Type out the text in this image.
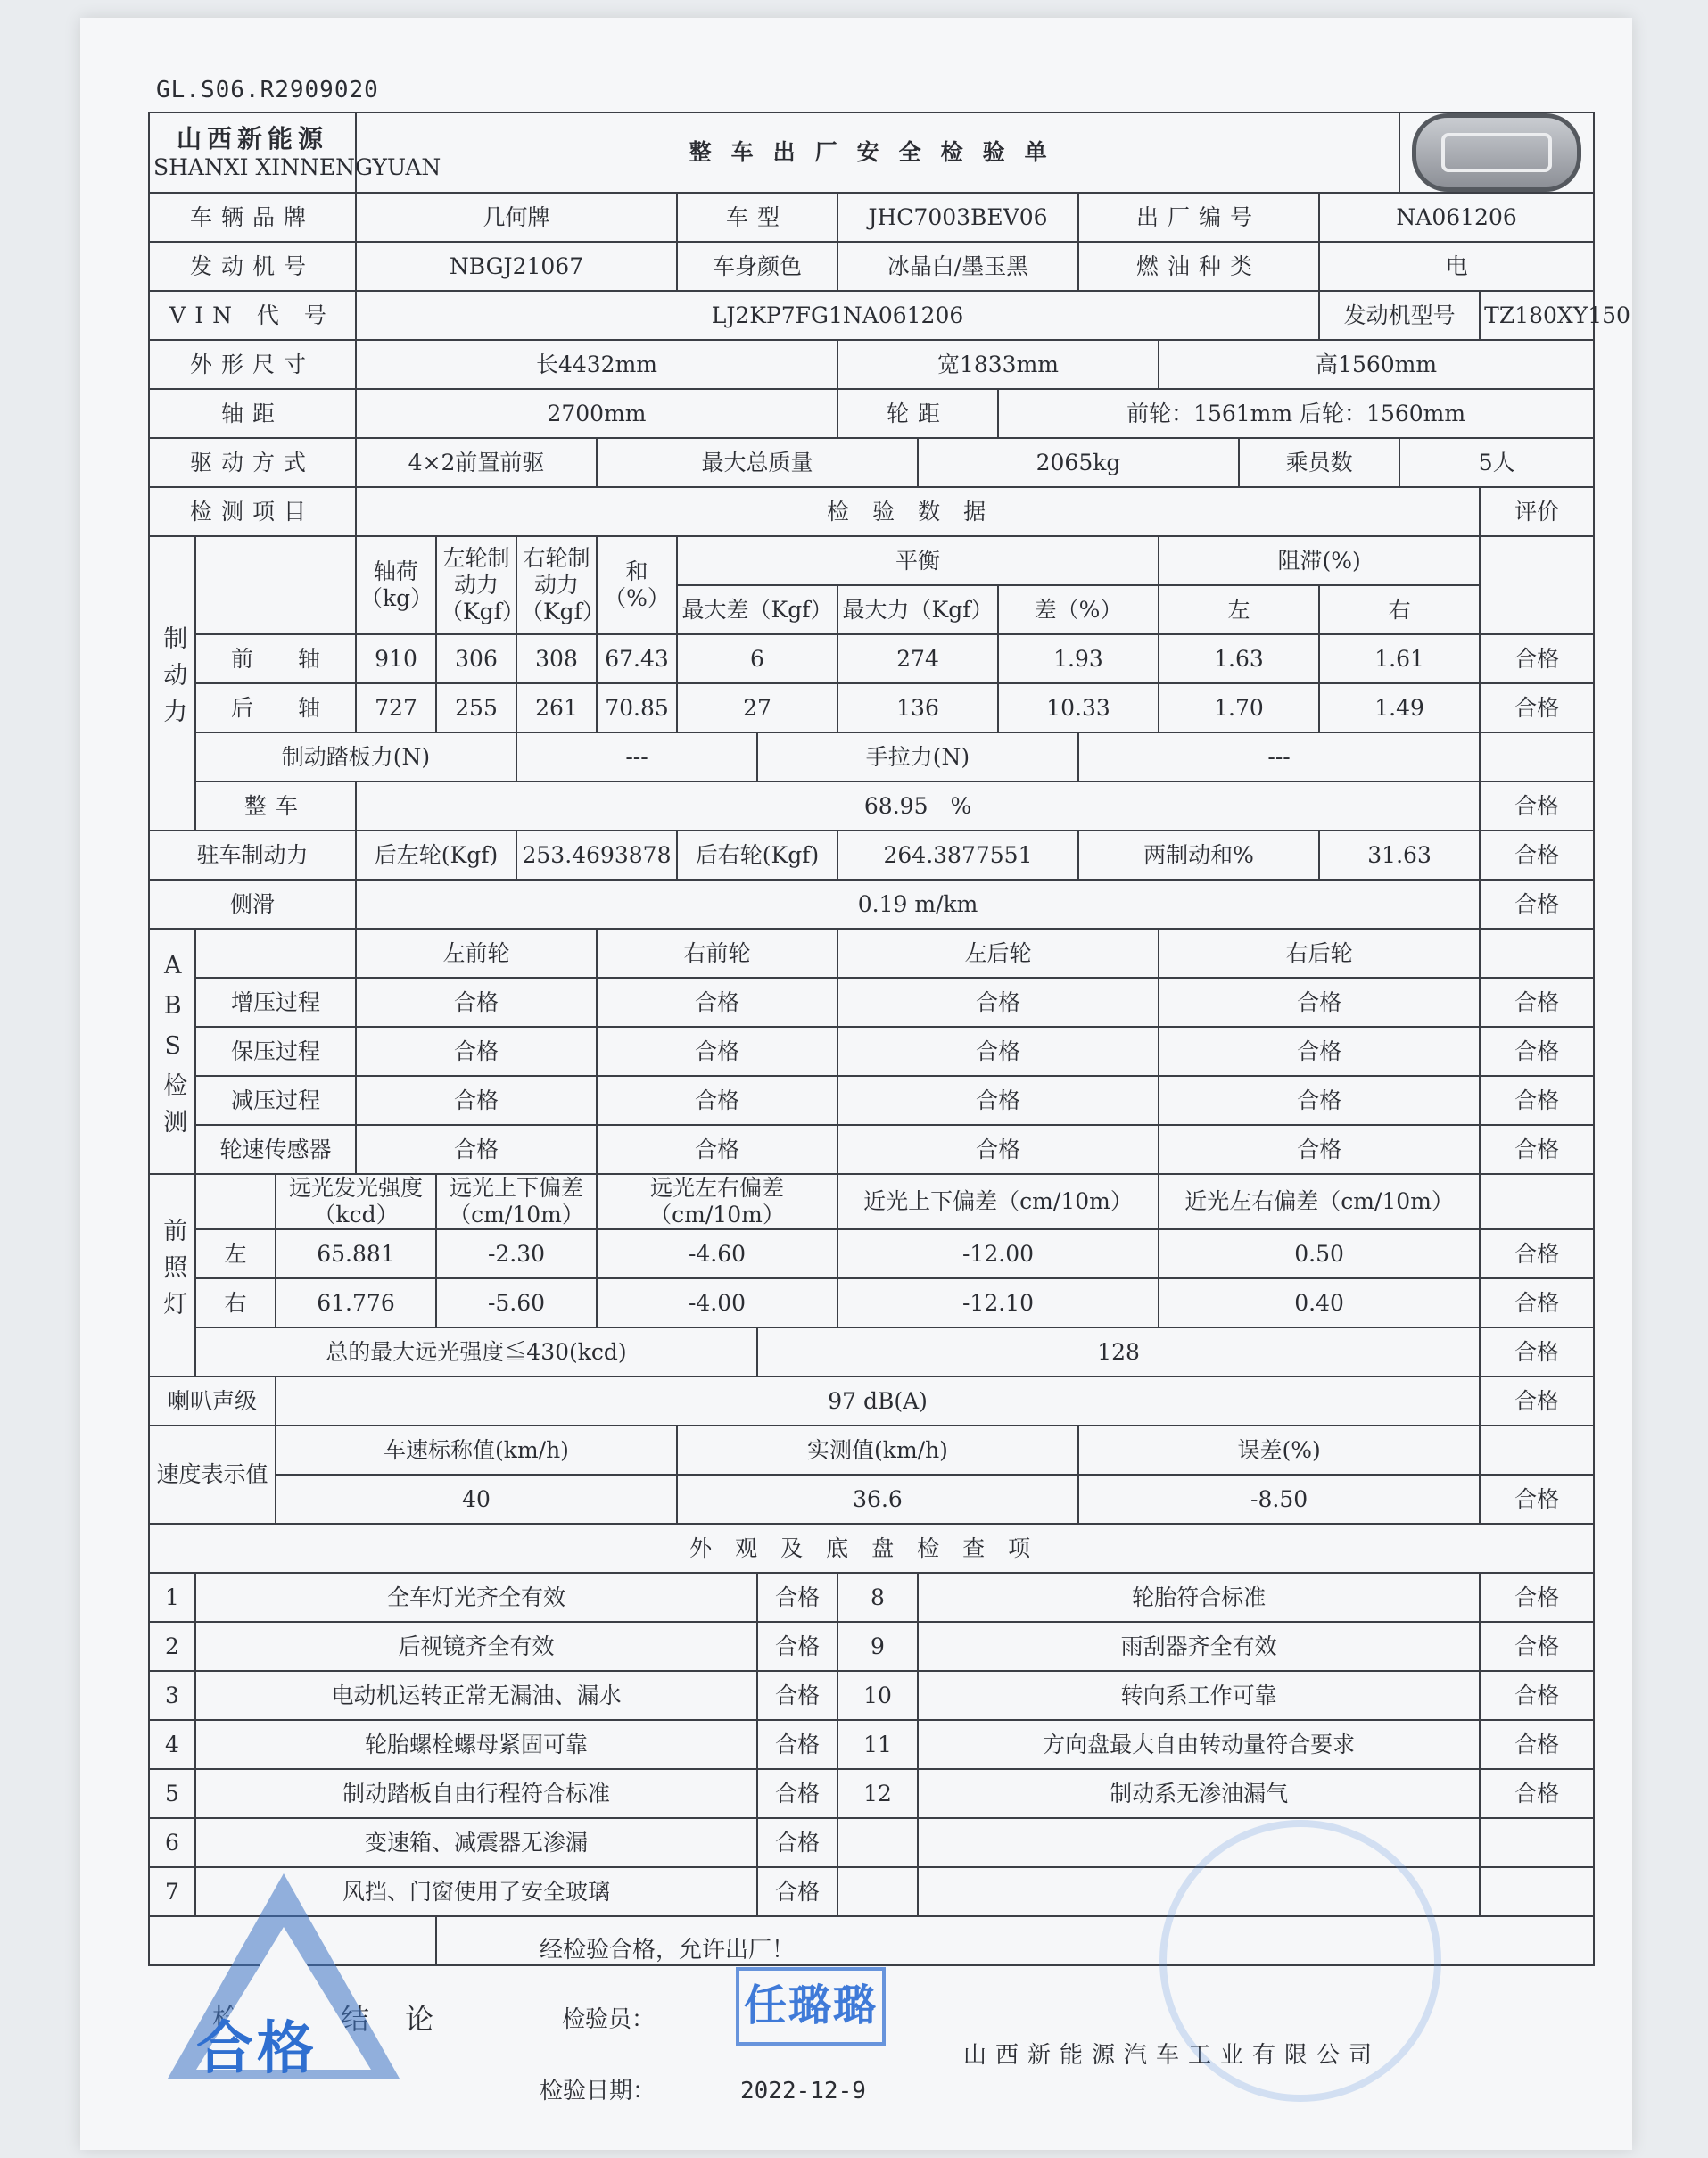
GL.S06.R2909020
山西新能源
SHANXI XINNENGYUAN			整车出厂安全检验单														

车辆品牌			几何牌				车型		JHC7003BEV06			出厂编号			NA061206		
发动机号			NBGJ21067				车身颜色		冰晶白/墨玉黑			燃油种类			电		
VIN 代 号			LJ2KP7FG1NA061206												发动机型号		TZ180XY150
外形尺寸			长4432mm						宽1833mm				高1560mm				
轴距			2700mm						轮距		前轮：1561mm 后轮：1560mm						
驱动方式			4×2前置前驱			最大总质量				2065kg				乘员数		5人	
检测项目			检验数据														评价
制动力			轴荷（kg）	左轮制动力（Kgf）	右轮制动力（Kgf）	和（%）	平衡						阻滞(%)				
							最大差（Kgf）		最大力（Kgf）		差（%）		左		右		
	前　　轴		910	306	308	67.43	6		274		1.93		1.63		1.61		合格
	后　　轴		727	255	261	70.85	27		136		10.33		1.70		1.49		合格
	制动踏板力(N)				---			手拉力(N)				---					
	整车		68.95　%														合格
驻车制动力			后左轮(Kgf)		253.4693878		后右轮(Kgf)		264.3877551			两制动和%			31.63		合格
侧滑			0.19 m/km														合格
ABS检测			左前轮			右前轮			左后轮				右后轮				
	增压过程		合格			合格			合格				合格				合格
	保压过程		合格			合格			合格				合格				合格
	减压过程		合格			合格			合格				合格				合格
	轮速传感器		合格			合格			合格				合格				合格
前照灯		远光发光强度（kcd）		远光上下偏差（cm/10m）		远光左右偏差（cm/10m）			近光上下偏差（cm/10m）				近光左右偏差（cm/10m）				
	左	65.881		-2.30		-4.60			-12.00				0.50				合格
	右	61.776		-5.60		-4.00			-12.10				0.40				合格
	总的最大远光强度≦430(kcd)							128									合格
喇叭声级		97 dB(A)															合格
速度表示值		车速标称值(km/h)					实测值(km/h)					误差(%)					
		40					36.6					-8.50					合格
外观及底盘检查项																	
1	全车灯光齐全有效							合格	8	轮胎符合标准							合格
2	后视镜齐全有效							合格	9	雨刮器齐全有效							合格
3	电动机运转正常无漏油、漏水							合格	10	转向系工作可靠							合格
4	轮胎螺栓螺母紧固可靠							合格	11	方向盘最大自由转动量符合要求							合格
5	制动踏板自由行程符合标准							合格	12	制动系无渗油漏气							合格
6	变速箱、减震器无渗漏							合格									
7	风挡、门窗使用了安全玻璃							合格									

检验结论				经检验合格，允许出厂！
检验员：
检验日期： 2022-12-9
山西新能源汽车工业有限公司													
合格
任璐璐
